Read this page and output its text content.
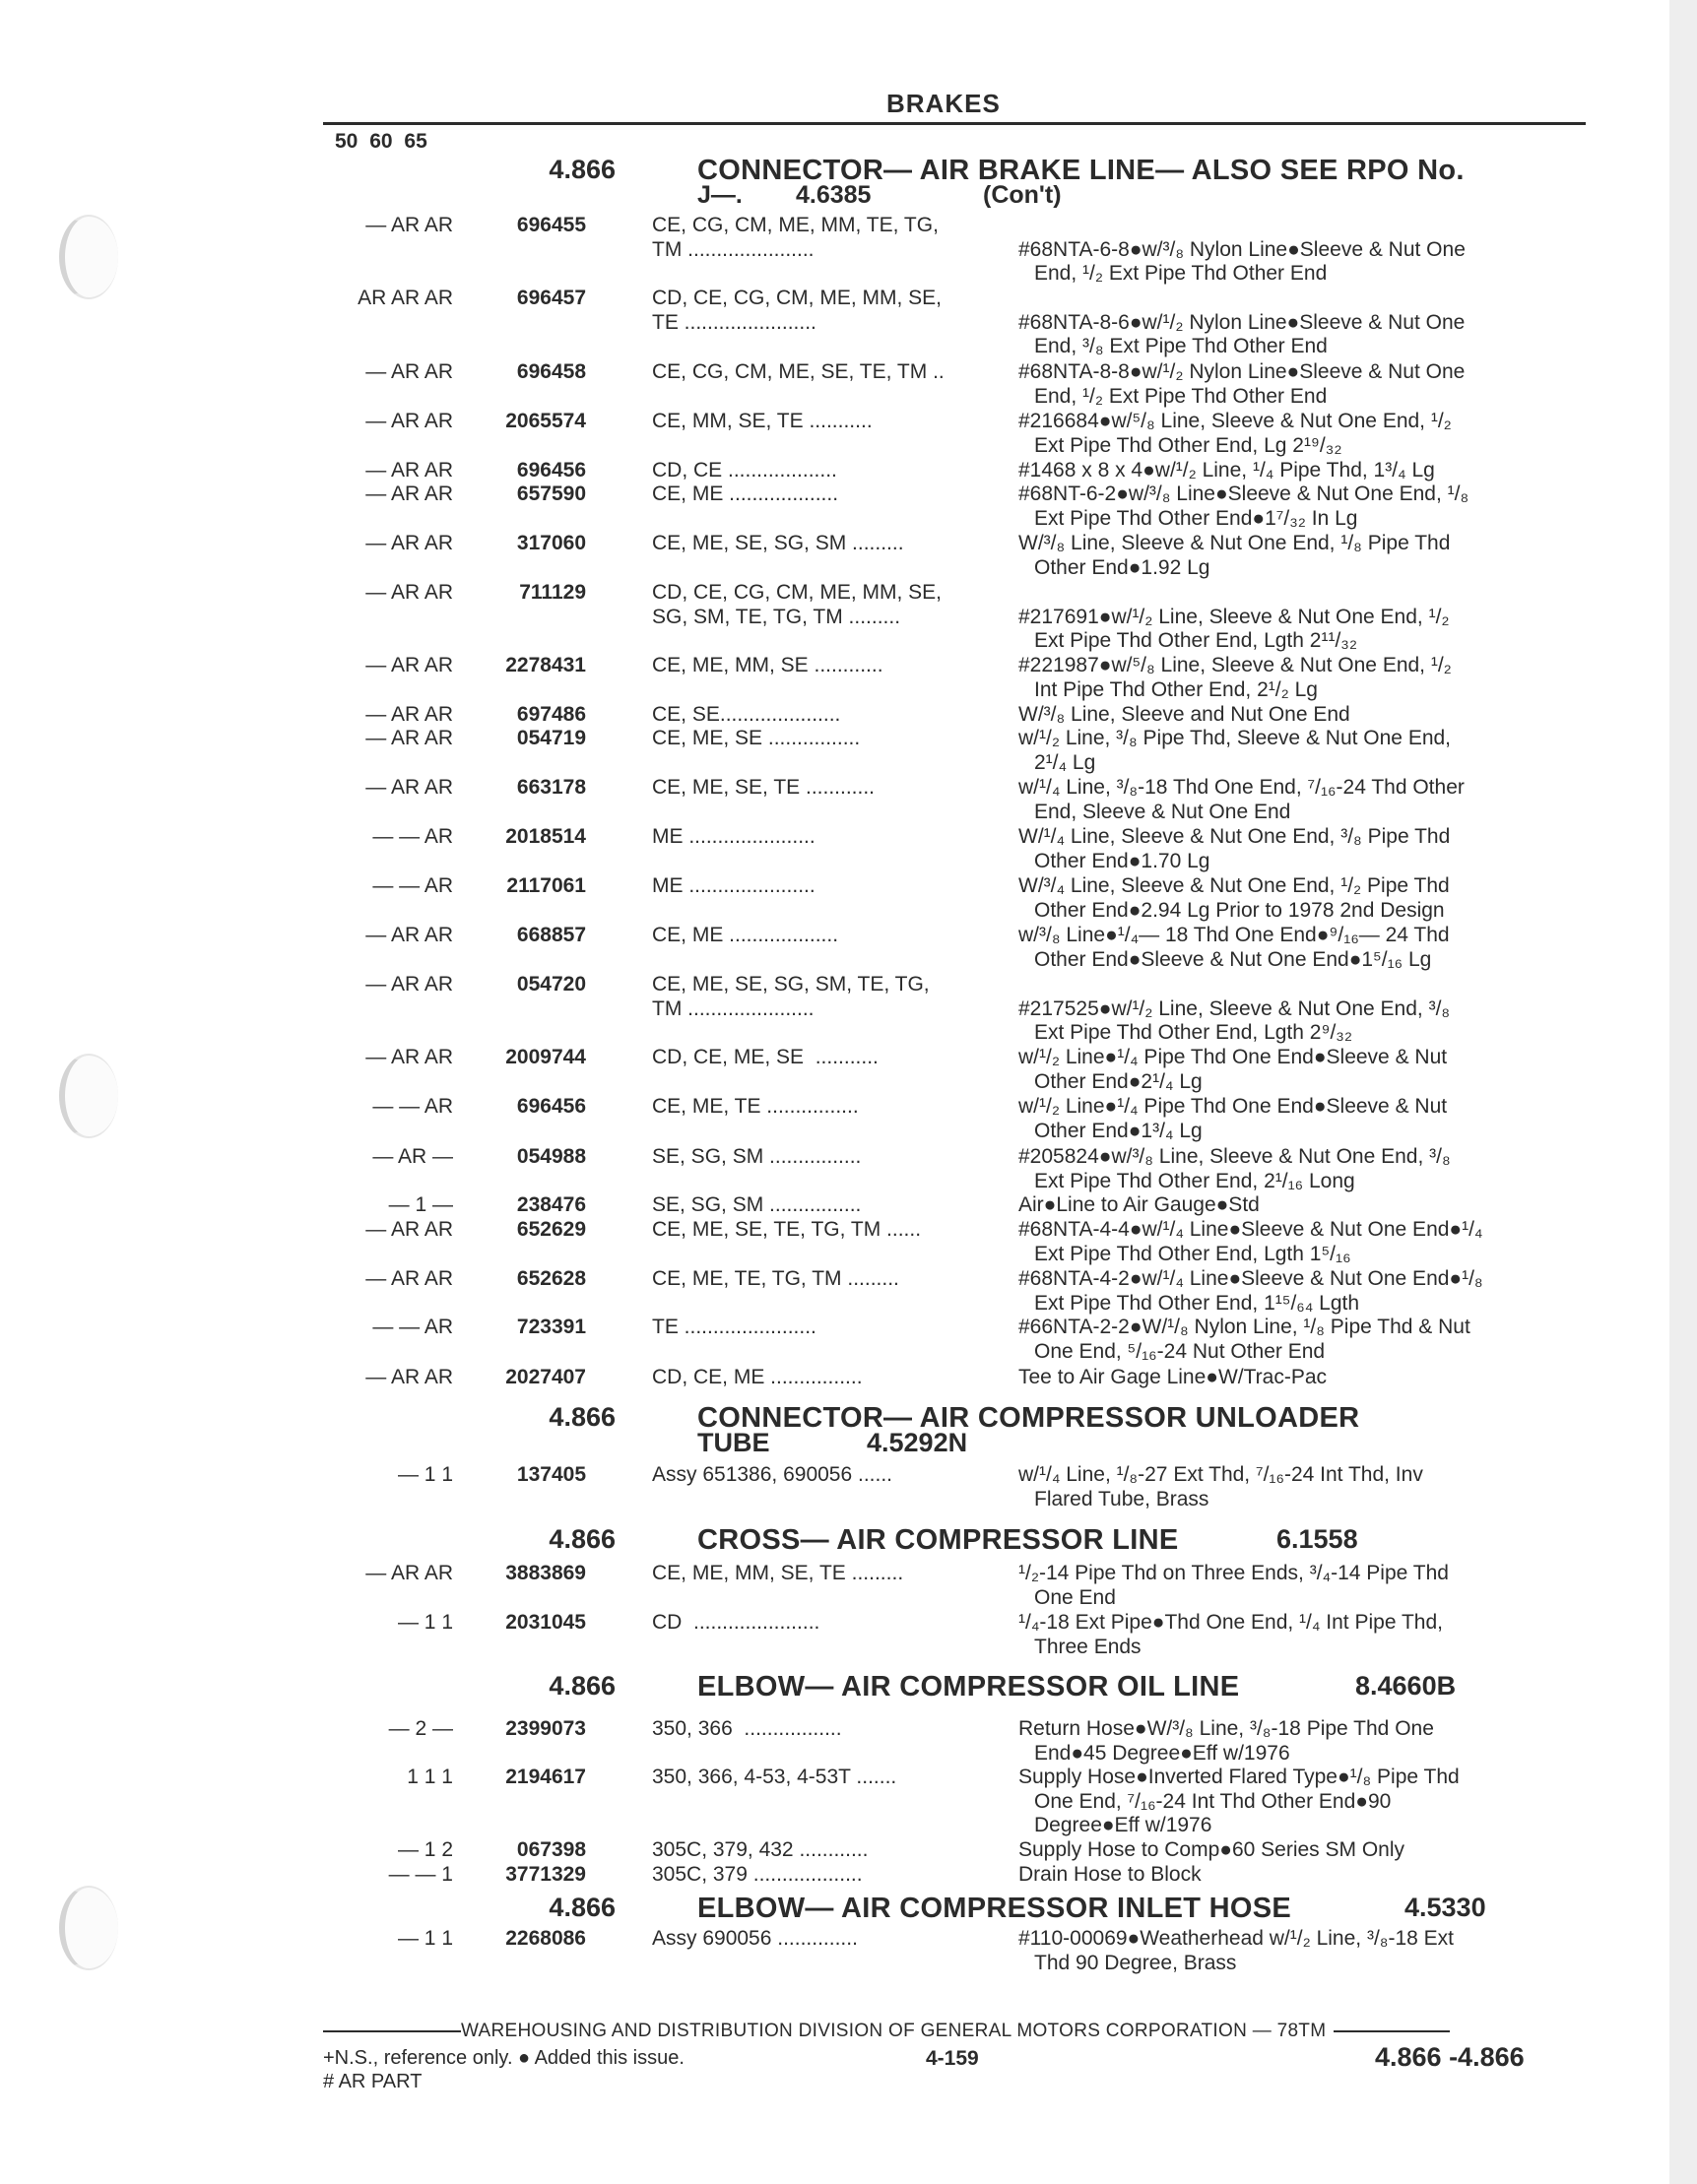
BRAKES
50 60 65
4.866	CONNECTOR— AIR BRAKE LINE— ALSO SEE RPO No.
J—. 4.6385	(Con't)
4.866	CONNECTOR— AIR COMPRESSOR UNLOADER
TUBE	4.5292N
4.866	CROSS— AIR COMPRESSOR LINE	6.1558
4.866	ELBOW— AIR COMPRESSOR OIL LINE	8.4660B
4.866	ELBOW— AIR COMPRESSOR INLET HOSE	4.5330
— AR AR	696455	CE, CG, CM, ME, MM, TE, TG,
TM ......................	#68NTA-6-8●w/³/₈ Nylon Line●Sleeve & Nut One
End, ¹/₂ Ext Pipe Thd Other End
AR AR AR	696457	CD, CE, CG, CM, ME, MM, SE,
TE .......................	#68NTA-8-6●w/¹/₂ Nylon Line●Sleeve & Nut One
End, ³/₈ Ext Pipe Thd Other End
— AR AR	696458	CE, CG, CM, ME, SE, TE, TM ..	#68NTA-8-8●w/¹/₂ Nylon Line●Sleeve & Nut One
End, ¹/₂ Ext Pipe Thd Other End
— AR AR	2065574	CE, MM, SE, TE ...........	#216684●w/⁵/₈ Line, Sleeve & Nut One End, ¹/₂
Ext Pipe Thd Other End, Lg 2¹⁹/₃₂
— AR AR	696456	CD, CE ...................	#1468 x 8 x 4●w/¹/₂ Line, ¹/₄ Pipe Thd, 1³/₄ Lg
— AR AR	657590	CE, ME ...................	#68NT-6-2●w/³/₈ Line●Sleeve & Nut One End, ¹/₈
Ext Pipe Thd Other End●1⁷/₃₂ In Lg
— AR AR	317060	CE, ME, SE, SG, SM .........	W/³/₈ Line, Sleeve & Nut One End, ¹/₈ Pipe Thd
Other End●1.92 Lg
— AR AR	711129	CD, CE, CG, CM, ME, MM, SE,
SG, SM, TE, TG, TM .........	#217691●w/¹/₂ Line, Sleeve & Nut One End, ¹/₂
Ext Pipe Thd Other End, Lgth 2¹¹/₃₂
— AR AR	2278431	CE, ME, MM, SE ............	#221987●w/⁵/₈ Line, Sleeve & Nut One End, ¹/₂
Int Pipe Thd Other End, 2¹/₂ Lg
— AR AR	697486	CE, SE.....................	W/³/₈ Line, Sleeve and Nut One End
— AR AR	054719	CE, ME, SE ................	w/¹/₂ Line, ³/₈ Pipe Thd, Sleeve & Nut One End,
2¹/₄ Lg
— AR AR	663178	CE, ME, SE, TE ............	w/¹/₄ Line, ³/₈-18 Thd One End, ⁷/₁₆-24 Thd Other
End, Sleeve & Nut One End
— — AR	2018514	ME ......................	W/¹/₄ Line, Sleeve & Nut One End, ³/₈ Pipe Thd
Other End●1.70 Lg
— — AR	2117061	ME ......................	W/³/₄ Line, Sleeve & Nut One End, ¹/₂ Pipe Thd
Other End●2.94 Lg Prior to 1978 2nd Design
— AR AR	668857	CE, ME ...................	w/³/₈ Line●¹/₄— 18 Thd One End●⁹/₁₆— 24 Thd
Other End●Sleeve & Nut One End●1⁵/₁₆ Lg
— AR AR	054720	CE, ME, SE, SG, SM, TE, TG,
TM ......................	#217525●w/¹/₂ Line, Sleeve & Nut One End, ³/₈
Ext Pipe Thd Other End, Lgth 2⁹/₃₂
— AR AR	2009744	CD, CE, ME, SE  ...........	w/¹/₂ Line●¹/₄ Pipe Thd One End●Sleeve & Nut
Other End●2¹/₄ Lg
— — AR	696456	CE, ME, TE ................	w/¹/₂ Line●¹/₄ Pipe Thd One End●Sleeve & Nut
Other End●1³/₄ Lg
— AR —	054988	SE, SG, SM ................	#205824●w/³/₈ Line, Sleeve & Nut One End, ³/₈
Ext Pipe Thd Other End, 2¹/₁₆ Long
— 1 —	238476	SE, SG, SM ................	Air●Line to Air Gauge●Std
— AR AR	652629	CE, ME, SE, TE, TG, TM ......	#68NTA-4-4●w/¹/₄ Line●Sleeve & Nut One End●¹/₄
Ext Pipe Thd Other End, Lgth 1⁵/₁₆
— AR AR	652628	CE, ME, TE, TG, TM .........	#68NTA-4-2●w/¹/₄ Line●Sleeve & Nut One End●¹/₈
Ext Pipe Thd Other End, 1¹⁵/₆₄ Lgth
— — AR	723391	TE .......................	#66NTA-2-2●W/¹/₈ Nylon Line, ¹/₈ Pipe Thd & Nut
One End, ⁵/₁₆-24 Nut Other End
— AR AR	2027407	CD, CE, ME ................	Tee to Air Gage Line●W/Trac-Pac
— 1 1	137405	Assy 651386, 690056 ......	w/¹/₄ Line, ¹/₈-27 Ext Thd, ⁷/₁₆-24 Int Thd, Inv
Flared Tube, Brass
— AR AR	3883869	CE, ME, MM, SE, TE .........	¹/₂-14 Pipe Thd on Three Ends, ³/₄-14 Pipe Thd
One End
— 1 1	2031045	CD  ......................	¹/₄-18 Ext Pipe●Thd One End, ¹/₄ Int Pipe Thd,
Three Ends
— 2 —	2399073	350, 366  .................	Return Hose●W/³/₈ Line, ³/₈-18 Pipe Thd One
End●45 Degree●Eff w/1976
1 1 1	2194617	350, 366, 4-53, 4-53T .......	Supply Hose●Inverted Flared Type●¹/₈ Pipe Thd
One End, ⁷/₁₆-24 Int Thd Other End●90
Degree●Eff w/1976
— 1 2	067398	305C, 379, 432 ............	Supply Hose to Comp●60 Series SM Only
— — 1	3771329	305C, 379 ...................	Drain Hose to Block
— 1 1	2268086	Assy 690056 ..............	#110-00069●Weatherhead w/¹/₂ Line, ³/₈-18 Ext
Thd 90 Degree, Brass
WAREHOUSING AND DISTRIBUTION DIVISION OF GENERAL MOTORS CORPORATION — 78TM
+N.S., reference only. ● Added this issue.
# AR PART
4-159	4.866 -4.866
